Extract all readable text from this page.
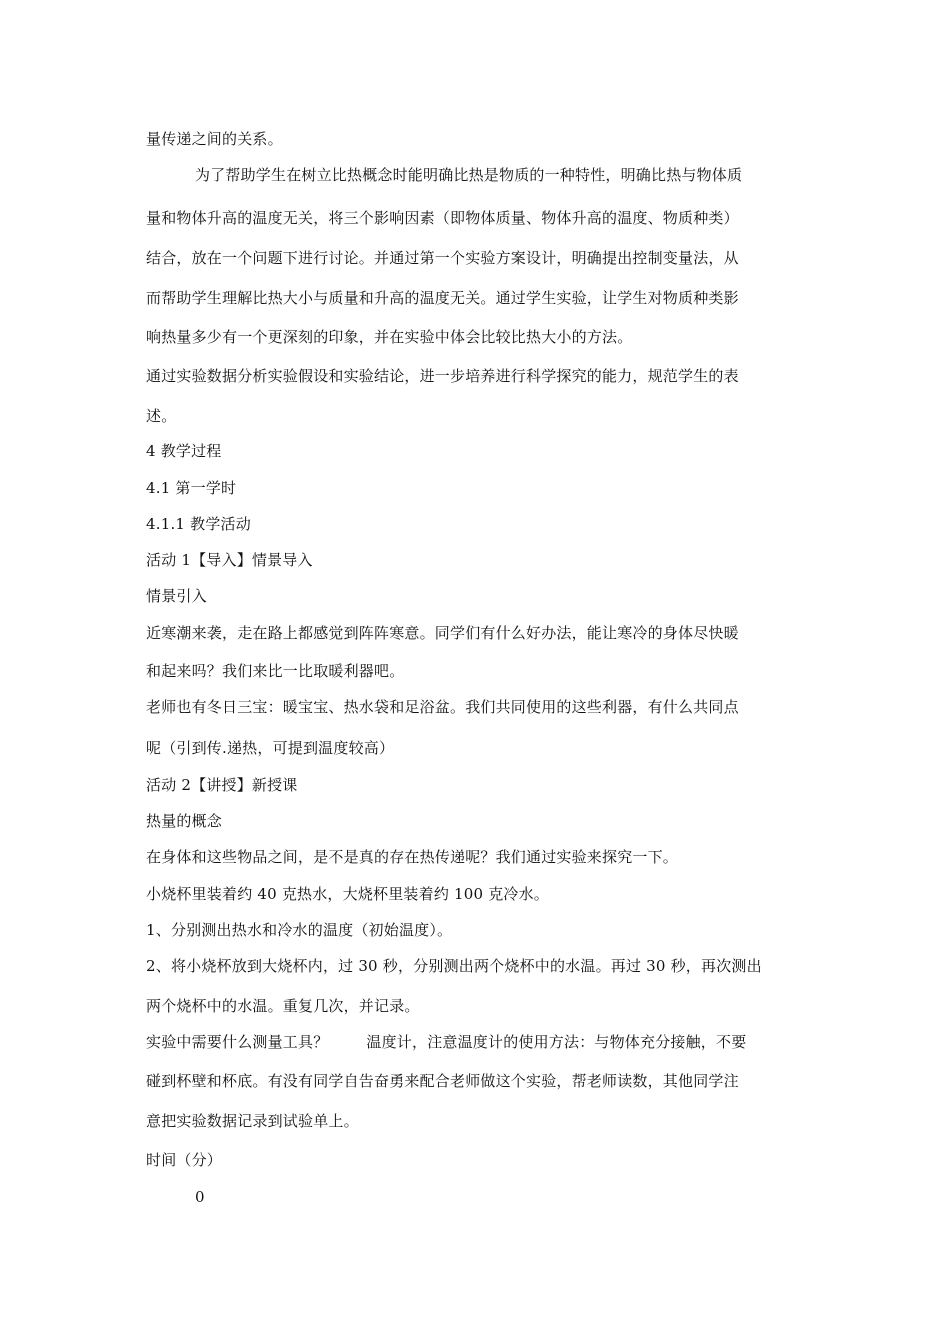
量传递之间的关系。
为了帮助学生在树立比热概念时能明确比热是物质的一种特性，明确比热与物体质
量和物体升高的温度无关，将三个影响因素（即物体质量、物体升高的温度、物质种类）
结合，放在一个问题下进行讨论。并通过第一个实验方案设计，明确提出控制变量法，从
而帮助学生理解比热大小与质量和升高的温度无关。通过学生实验，让学生对物质种类影
响热量多少有一个更深刻的印象，并在实验中体会比较比热大小的方法。
通过实验数据分析实验假设和实验结论，进一步培养进行科学探究的能力，规范学生的表
述。
4 教学过程
4.1 第一学时
4.1.1 教学活动
活动 1【导入】情景导入
情景引入
近寒潮来袭，走在路上都感觉到阵阵寒意。同学们有什么好办法，能让寒冷的身体尽快暖
和起来吗？我们来比一比取暖利器吧。
老师也有冬日三宝：暖宝宝、热水袋和足浴盆。我们共同使用的这些利器，有什么共同点
呢（引到传.递热，可提到温度较高）
活动 2【讲授】新授课
热量的概念
在身体和这些物品之间，是不是真的存在热传递呢？我们通过实验来探究一下。
小烧杯里装着约 40 克热水，大烧杯里装着约 100 克冷水。
1、分别测出热水和冷水的温度（初始温度）。
2、将小烧杯放到大烧杯内，过 30 秒，分别测出两个烧杯中的水温。再过 30 秒，再次测出
两个烧杯中的水温。重复几次，并记录。
实验中需要什么测量工具？	温度计，注意温度计的使用方法：与物体充分接触，不要
碰到杯壁和杯底。有没有同学自告奋勇来配合老师做这个实验，帮老师读数，其他同学注
意把实验数据记录到试验单上。
时间（分）
0
